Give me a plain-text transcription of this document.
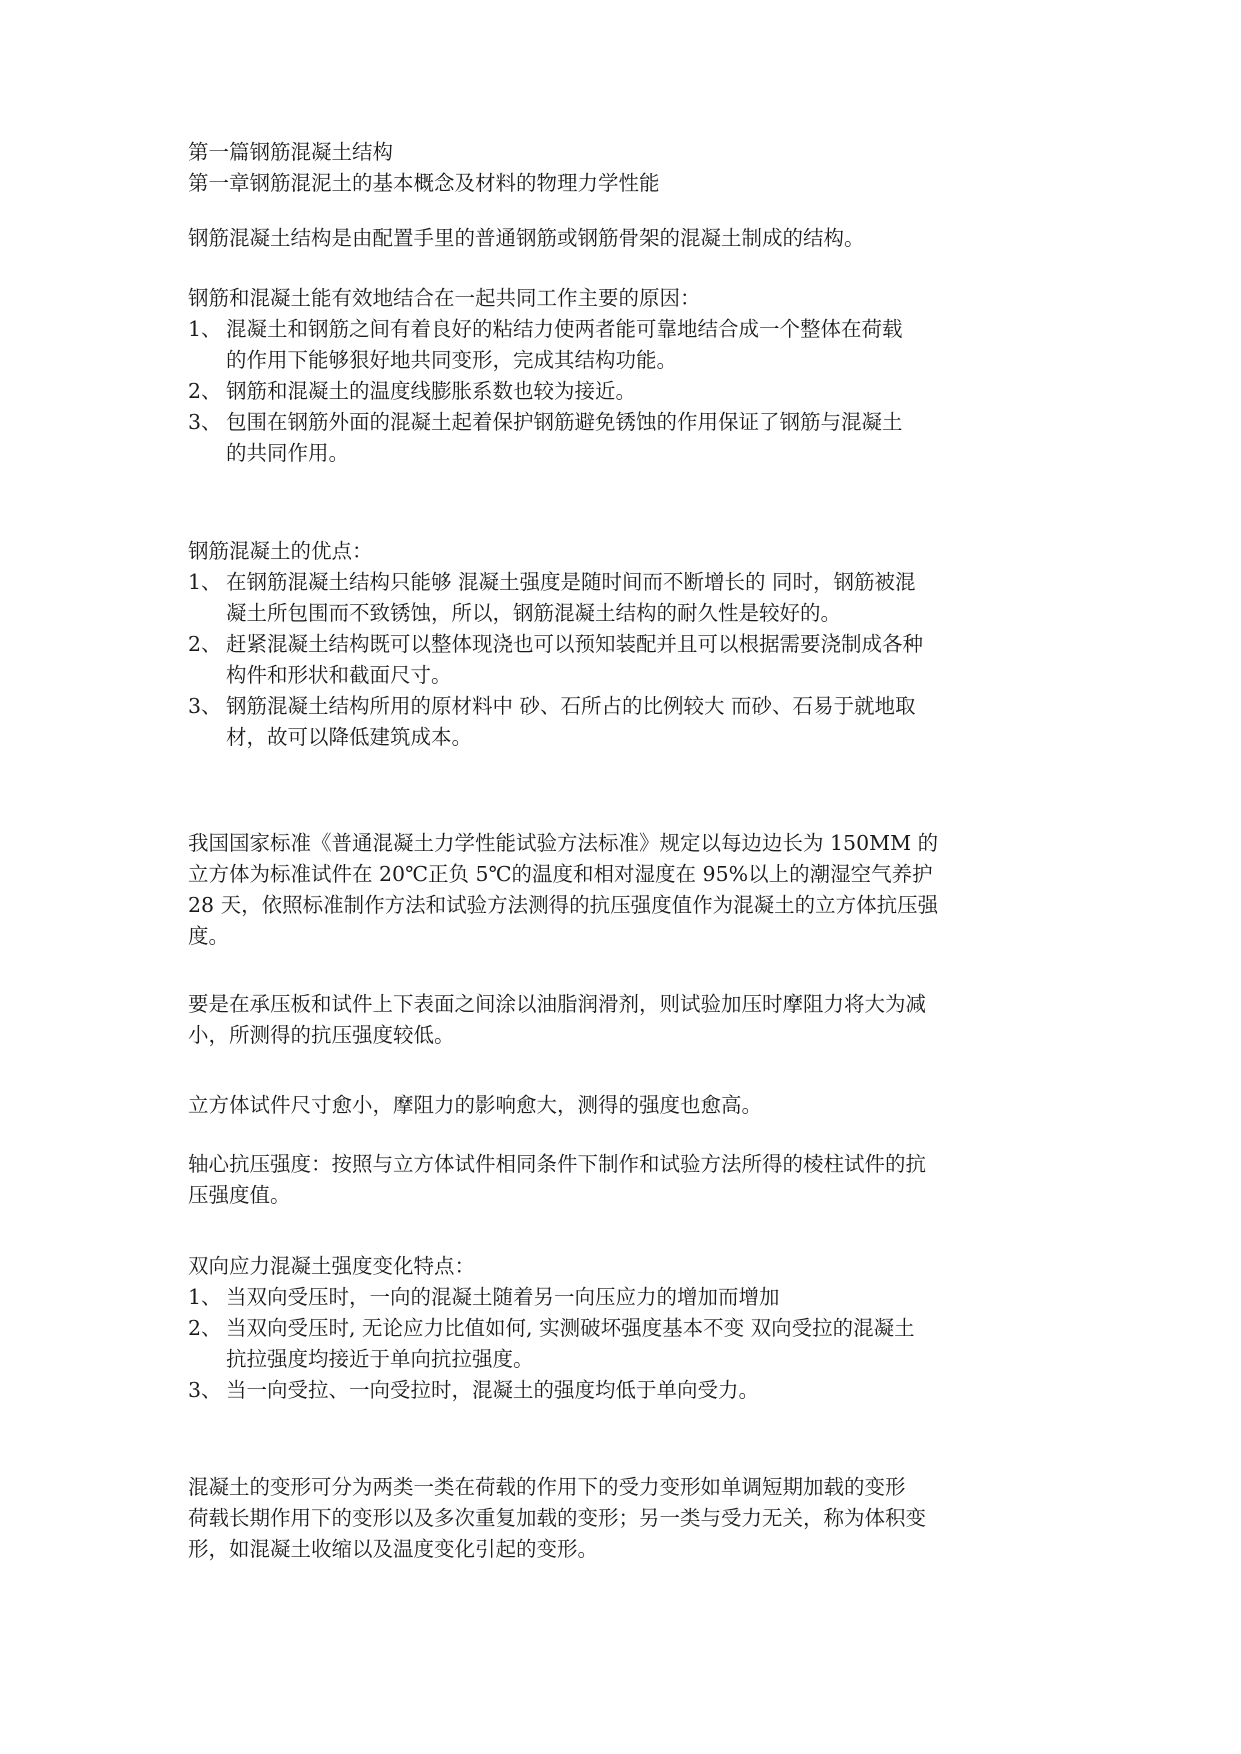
第一篇钢筋混凝土结构
第一章钢筋混泥土的基本概念及材料的物理力学性能
钢筋混凝土结构是由配置手里的普通钢筋或钢筋骨架的混凝土制成的结构。
钢筋和混凝土能有效地结合在一起共同工作主要的原因：
1、 混凝土和钢筋之间有着良好的粘结力使两者能可靠地结合成一个整体在荷载
的作用下能够狠好地共同变形，完成其结构功能。
2、 钢筋和混凝土的温度线膨胀系数也较为接近。
3、 包围在钢筋外面的混凝土起着保护钢筋避免锈蚀的作用保证了钢筋与混凝土
的共同作用。
钢筋混凝土的优点：
1、 在钢筋混凝土结构只能够 混凝土强度是随时间而不断增长的 同时，钢筋被混
凝土所包围而不致锈蚀，所以，钢筋混凝土结构的耐久性是较好的。
2、 赶紧混凝土结构既可以整体现浇也可以预知装配并且可以根据需要浇制成各种
构件和形状和截面尺寸。
3、 钢筋混凝土结构所用的原材料中 砂、石所占的比例较大 而砂、石易于就地取
材，故可以降低建筑成本。
我国国家标准《普通混凝土力学性能试验方法标准》规定以每边边长为 150MM 的
立方体为标准试件在 20℃正负 5℃的温度和相对湿度在 95%以上的潮湿空气养护
28 天，依照标准制作方法和试验方法测得的抗压强度值作为混凝土的立方体抗压强
度。
要是在承压板和试件上下表面之间涂以油脂润滑剂，则试验加压时摩阻力将大为减
小，所测得的抗压强度较低。
立方体试件尺寸愈小，摩阻力的影响愈大，测得的强度也愈高。
轴心抗压强度：按照与立方体试件相同条件下制作和试验方法所得的棱柱试件的抗
压强度值。
双向应力混凝土强度变化特点：
1、 当双向受压时，一向的混凝土随着另一向压应力的增加而增加
2、 当双向受压时, 无论应力比值如何, 实测破坏强度基本不变 双向受拉的混凝土
抗拉强度均接近于单向抗拉强度。
3、 当一向受拉、一向受拉时，混凝土的强度均低于单向受力。
混凝土的变形可分为两类一类在荷载的作用下的受力变形如单调短期加载的变形
荷载长期作用下的变形以及多次重复加载的变形；另一类与受力无关，称为体积变
形，如混凝土收缩以及温度变化引起的变形。
